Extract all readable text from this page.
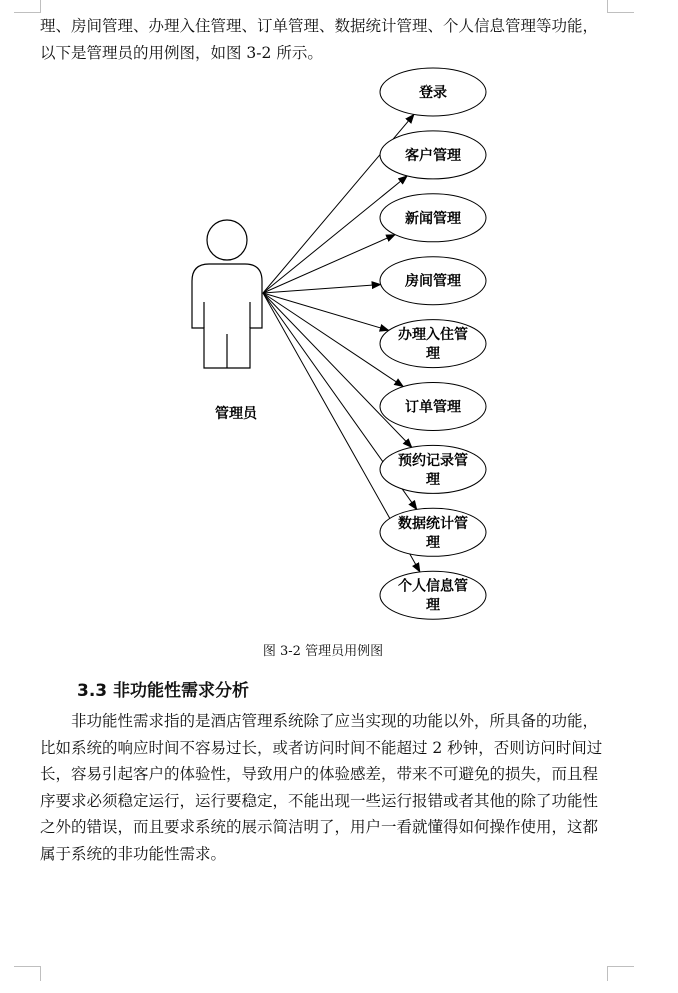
理、房间管理、办理入住管理、订单管理、数据统计管理、个人信息管理等功能，以下是管理员的用例图，如图 3-2 所示。

管理员
登录
客户管理
新闻管理
房间管理
办理入住管理
订单管理
预约记录管理
数据统计管理
个人信息管理

图 3-2 管理员用例图

3.3 非功能性需求分析

非功能性需求指的是酒店管理系统除了应当实现的功能以外，所具备的功能，比如系统的响应时间不容易过长，或者访问时间不能超过 2 秒钟，否则访问时间过长，容易引起客户的体验性，导致用户的体验感差，带来不可避免的损失，而且程序要求必须稳定运行，运行要稳定，不能出现一些运行报错或者其他的除了功能性之外的错误，而且要求系统的展示简洁明了，用户一看就懂得如何操作使用，这都属于系统的非功能性需求。
